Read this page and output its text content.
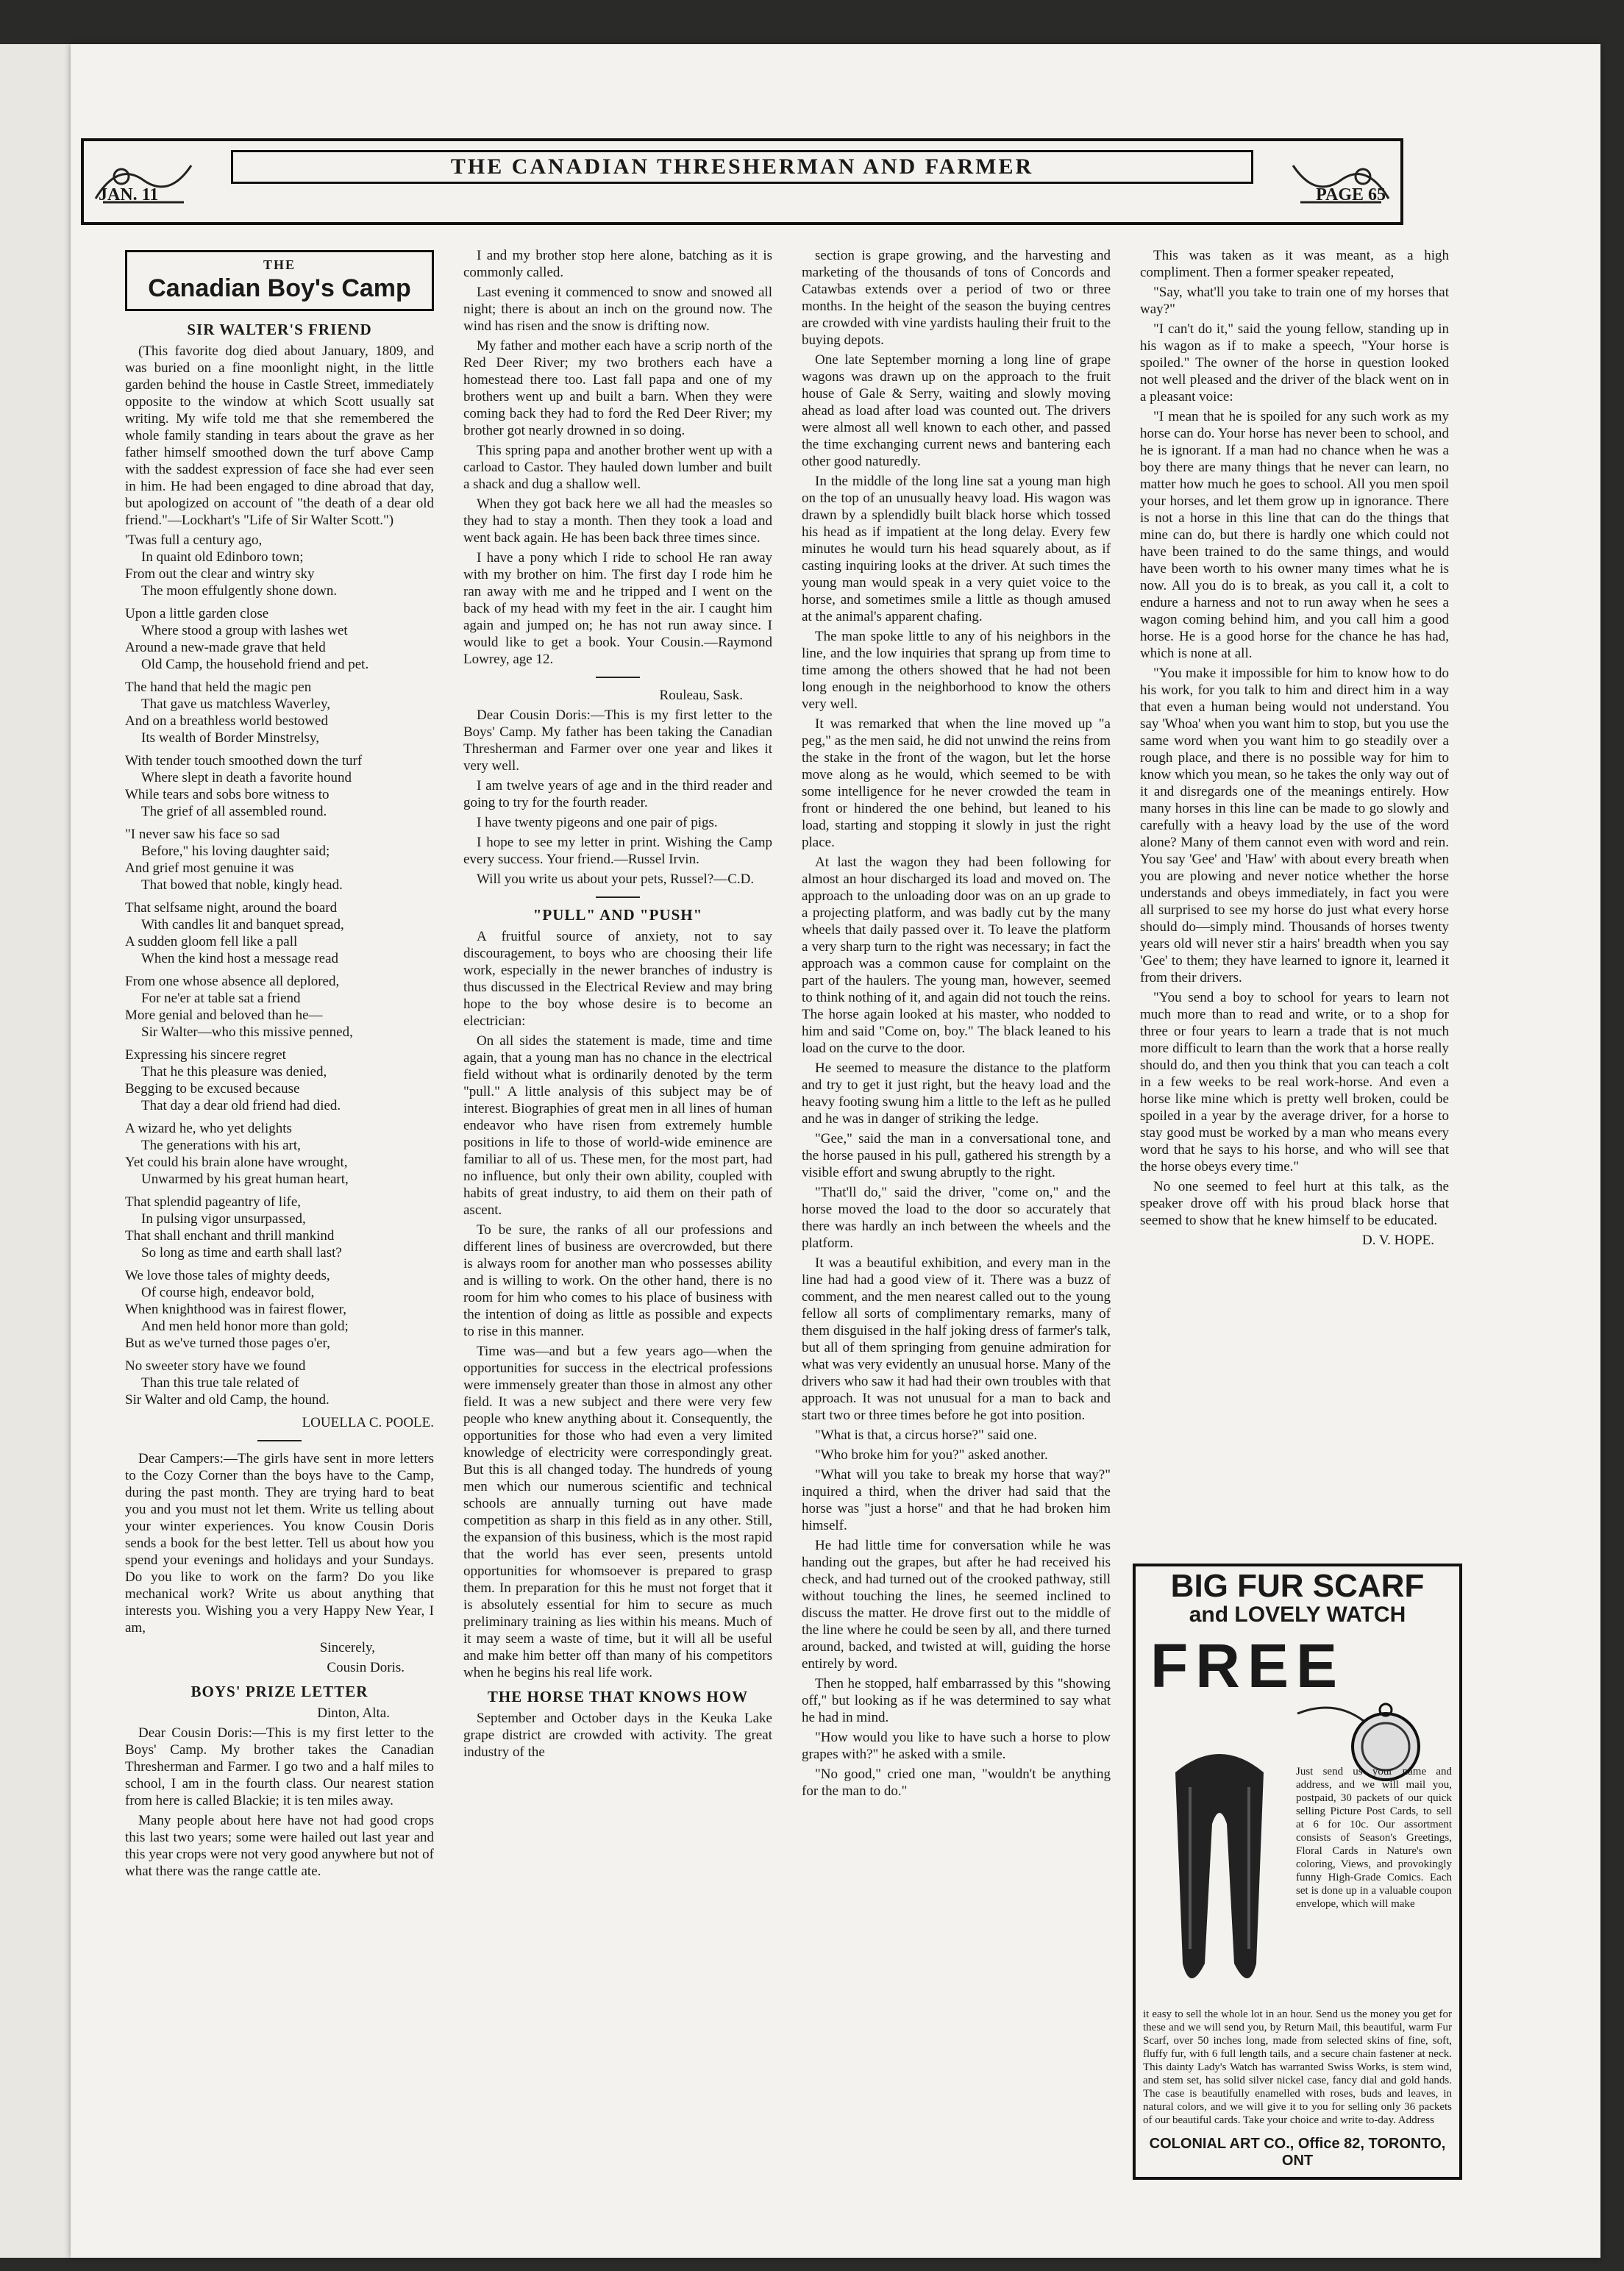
THE CANADIAN THRESHERMAN AND FARMER
JAN. 11	PAGE 65
THE
Canadian Boy's Camp
SIR WALTER'S FRIEND

(This favorite dog died about January, 1809, and was buried on a fine moonlight night, in the little garden behind the house in Castle Street, immediately opposite to the window at which Scott usually sat writing. My wife told me that she remembered the whole family standing in tears about the grave as her father himself smoothed down the turf above Camp with the saddest expression of face she had ever seen in him. He had been engaged to dine abroad that day, but apologized on account of "the death of a dear old friend."—Lockhart's "Life of Sir Walter Scott.")

'Twas full a century ago,
In quaint old Edinboro town;
From out the clear and wintry sky
The moon effulgently shone down.

Upon a little garden close
Where stood a group with lashes wet
Around a new-made grave that held
Old Camp, the household friend and pet.

The hand that held the magic pen
That gave us matchless Waverley,
And on a breathless world bestowed
Its wealth of Border Minstrelsy,

With tender touch smoothed down the turf
Where slept in death a favorite hound
While tears and sobs bore witness to
The grief of all assembled round.

"I never saw his face so sad
Before," his loving daughter said;
And grief most genuine it was
That bowed that noble, kingly head.

That selfsame night, around the board
With candles lit and banquet spread,
A sudden gloom fell like a pall
When the kind host a message read

From one whose absence all deplored,
For ne'er at table sat a friend
More genial and beloved than he—
Sir Walter—who this missive penned,

Expressing his sincere regret
That he this pleasure was denied,
Begging to be excused because
That day a dear old friend had died.

A wizard he, who yet delights
The generations with his art,
Yet could his brain alone have wrought,
Unwarmed by his great human heart,

That splendid pageantry of life,
In pulsing vigor unsurpassed,
That shall enchant and thrill mankind
So long as time and earth shall last?

We love those tales of mighty deeds,
Of course high, endeavor bold,
When knighthood was in fairest flower,
And men held honor more than gold;
But as we've turned those pages o'er,

No sweeter story have we found
Than this true tale related of
Sir Walter and old Camp, the hound.

LOUELLA C. POOLE.

Dear Campers:—The girls have sent in more letters to the Cozy Corner than the boys have to the Camp, during the past month. They are trying hard to beat you and you must not let them. Write us telling about your winter experiences. You know Cousin Doris sends a book for the best letter. Tell us about how you spend your evenings and holidays and your Sundays. Do you like to work on the farm? Do you like mechanical work? Write us about anything that interests you. Wishing you a very Happy New Year, I am,

Sincerely,

Cousin Doris.

BOYS' PRIZE LETTER

Dinton, Alta.

Dear Cousin Doris:—This is my first letter to the Boys' Camp. My brother takes the Canadian Thresherman and Farmer. I go two and a half miles to school, I am in the fourth class. Our nearest station from here is called Blackie; it is ten miles away.

Many people about here have not had good crops this last two years; some were hailed out last year and this year crops were not very good anywhere but not of what there was the range cattle ate.

I and my brother stop here alone, batching as it is commonly called.

Last evening it commenced to snow and snowed all night; there is about an inch on the ground now. The wind has risen and the snow is drifting now.

My father and mother each have a scrip north of the Red Deer River; my two brothers each have a homestead there too. Last fall papa and one of my brothers went up and built a barn. When they were coming back they had to ford the Red Deer River; my brother got nearly drowned in so doing.

This spring papa and another brother went up with a carload to Castor. They hauled down lumber and built a shack and dug a shallow well.

When they got back here we all had the measles so they had to stay a month. Then they took a load and went back again. He has been back three times since.

I have a pony which I ride to school He ran away with my brother on him. The first day I rode him he ran away with me and he tripped and I went on the back of my head with my feet in the air. I caught him again and jumped on; he has not run away since. I would like to get a book. Your Cousin.—Raymond Lowrey, age 12.

Rouleau, Sask.

Dear Cousin Doris:—This is my first letter to the Boys' Camp. My father has been taking the Canadian Thresherman and Farmer over one year and likes it very well.

I am twelve years of age and in the third reader and going to try for the fourth reader.

I have twenty pigeons and one pair of pigs.

I hope to see my letter in print. Wishing the Camp every success. Your friend.—Russel Irvin.

Will you write us about your pets, Russel?—C.D.

"PULL" AND "PUSH"

A fruitful source of anxiety, not to say discouragement, to boys who are choosing their life work, especially in the newer branches of industry is thus discussed in the Electrical Review and may bring hope to the boy whose desire is to become an electrician:

On all sides the statement is made, time and time again, that a young man has no chance in the electrical field without what is ordinarily denoted by the term "pull." A little analysis of this subject may be of interest. Biographies of great men in all lines of human endeavor who have risen from extremely humble positions in life to those of world-wide eminence are familiar to all of us. These men, for the most part, had no influence, but only their own ability, coupled with habits of great industry, to aid them on their path of ascent.

To be sure, the ranks of all our professions and different lines of business are overcrowded, but there is always room for another man who possesses ability and is willing to work. On the other hand, there is no room for him who comes to his place of business with the intention of doing as little as possible and expects to rise in this manner.

Time was—and but a few years ago—when the opportunities for success in the electrical professions were immensely greater than those in almost any other field. It was a new subject and there were very few people who knew anything about it. Consequently, the opportunities for those who had even a very limited knowledge of electricity were correspondingly great. But this is all changed today. The hundreds of young men which our numerous scientific and technical schools are annually turning out have made competition as sharp in this field as in any other. Still, the expansion of this business, which is the most rapid that the world has ever seen, presents untold opportunities for whomsoever is prepared to grasp them. In preparation for this he must not forget that it is absolutely essential for him to secure as much preliminary training as lies within his means. Much of it may seem a waste of time, but it will all be useful and make him better off than many of his competitors when he begins his real life work.

THE HORSE THAT KNOWS HOW

September and October days in the Keuka Lake grape district are crowded with activity. The great industry of the

section is grape growing, and the harvesting and marketing of the thousands of tons of Concords and Catawbas extends over a period of two or three months. In the height of the season the buying centres are crowded with vine yardists hauling their fruit to the buying depots.

One late September morning a long line of grape wagons was drawn up on the approach to the fruit house of Gale & Serry, waiting and slowly moving ahead as load after load was counted out. The drivers were almost all well known to each other, and passed the time exchanging current news and bantering each other good naturedly.

In the middle of the long line sat a young man high on the top of an unusually heavy load. His wagon was drawn by a splendidly built black horse which tossed his head as if impatient at the long delay. Every few minutes he would turn his head squarely about, as if casting inquiring looks at the driver. At such times the young man would speak in a very quiet voice to the horse, and sometimes smile a little as though amused at the animal's apparent chafing.

The man spoke little to any of his neighbors in the line, and the low inquiries that sprang up from time to time among the others showed that he had not been long enough in the neighborhood to know the others very well.

It was remarked that when the line moved up "a peg," as the men said, he did not unwind the reins from the stake in the front of the wagon, but let the horse move along as he would, which seemed to be with some intelligence for he never crowded the team in front or hindered the one behind, but leaned to his load, starting and stopping it slowly in just the right place.

At last the wagon they had been following for almost an hour discharged its load and moved on. The approach to the unloading door was on an up grade to a projecting platform, and was badly cut by the many wheels that daily passed over it. To leave the platform a very sharp turn to the right was necessary; in fact the approach was a common cause for complaint on the part of the haulers. The young man, however, seemed to think nothing of it, and again did not touch the reins. The horse again looked at his master, who nodded to him and said "Come on, boy." The black leaned to his load on the curve to the door.

He seemed to measure the distance to the platform and try to get it just right, but the heavy load and the heavy footing swung him a little to the left as he pulled and he was in danger of striking the ledge.

"Gee," said the man in a conversational tone, and the horse paused in his pull, gathered his strength by a visible effort and swung abruptly to the right.

"That'll do," said the driver, "come on," and the horse moved the load to the door so accurately that there was hardly an inch between the wheels and the platform.

It was a beautiful exhibition, and every man in the line had had a good view of it. There was a buzz of comment, and the men nearest called out to the young fellow all sorts of complimentary remarks, many of them disguised in the half joking dress of farmer's talk, but all of them springing from genuine admiration for what was very evidently an unusual horse. Many of the drivers who saw it had had their own troubles with that approach. It was not unusual for a man to back and start two or three times before he got into position.

"What is that, a circus horse?" said one.

"Who broke him for you?" asked another.

"What will you take to break my horse that way?" inquired a third, when the driver had said that the horse was "just a horse" and that he had broken him himself.

He had little time for conversation while he was handing out the grapes, but after he had received his check, and had turned out of the crooked pathway, still without touching the lines, he seemed inclined to discuss the matter. He drove first out to the middle of the line where he could be seen by all, and there turned around, backed, and twisted at will, guiding the horse entirely by word.

Then he stopped, half embarrassed by this "showing off," but looking as if he was determined to say what he had in mind.

"How would you like to have such a horse to plow grapes with?" he asked with a smile.

"No good," cried one man, "wouldn't be anything for the man to do."

This was taken as it was meant, as a high compliment. Then a former speaker repeated,

"Say, what'll you take to train one of my horses that way?"

"I can't do it," said the young fellow, standing up in his wagon as if to make a speech, "Your horse is spoiled." The owner of the horse in question looked not well pleased and the driver of the black went on in a pleasant voice:

"I mean that he is spoiled for any such work as my horse can do. Your horse has never been to school, and he is ignorant. If a man had no chance when he was a boy there are many things that he never can learn, no matter how much he goes to school. All you men spoil your horses, and let them grow up in ignorance. There is not a horse in this line that can do the things that mine can do, but there is hardly one which could not have been trained to do the same things, and would have been worth to his owner many times what he is now. All you do is to break, as you call it, a colt to endure a harness and not to run away when he sees a wagon coming behind him, and you call him a good horse. He is a good horse for the chance he has had, which is none at all.

"You make it impossible for him to know how to do his work, for you talk to him and direct him in a way that even a human being would not understand. You say 'Whoa' when you want him to stop, but you use the same word when you want him to go steadily over a rough place, and there is no possible way for him to know which you mean, so he takes the only way out of it and disregards one of the meanings entirely. How many horses in this line can be made to go slowly and carefully with a heavy load by the use of the word alone? Many of them cannot even with word and rein. You say 'Gee' and 'Haw' with about every breath when you are plowing and never notice whether the horse understands and obeys immediately, in fact you were all surprised to see my horse do just what every horse should do—simply mind. Thousands of horses twenty years old will never stir a hairs' breadth when you say 'Gee' to them; they have learned to ignore it, learned it from their drivers.

"You send a boy to school for years to learn not much more than to read and write, or to a shop for three or four years to learn a trade that is not much more difficult to learn than the work that a horse really should do, and then you think that you can teach a colt in a few weeks to be real work-horse. And even a horse like mine which is pretty well broken, could be spoiled in a year by the average driver, for a horse to stay good must be worked by a man who means every word that he says to his horse, and who will see that the horse obeys every time."

No one seemed to feel hurt at this talk, as the speaker drove off with his proud black horse that seemed to show that he knew himself to be educated.

D. V. HOPE.

BIG FUR SCARF
and LOVELY WATCH
FREE
Just send us your name and address, and we will mail you, postpaid, 30 packets of our quick selling Picture Post Cards, to sell at 6 for 10c. Our assortment consists of Season's Greetings, Floral Cards in Nature's own coloring, Views, and provokingly funny High-Grade Comics. Each set is done up in a valuable coupon envelope, which will make
it easy to sell the whole lot in an hour. Send us the money you get for these and we will send you, by Return Mail, this beautiful, warm Fur Scarf, over 50 inches long, made from selected skins of fine, soft, fluffy fur, with 6 full length tails, and a secure chain fastener at neck. This dainty Lady's Watch has warranted Swiss Works, is stem wind, and stem set, has solid silver nickel case, fancy dial and gold hands. The case is beautifully enamelled with roses, buds and leaves, in natural colors, and we will give it to you for selling only 36 packets of our beautiful cards. Take your choice and write to-day. Address
COLONIAL ART CO., Office 82, TORONTO, ONT
